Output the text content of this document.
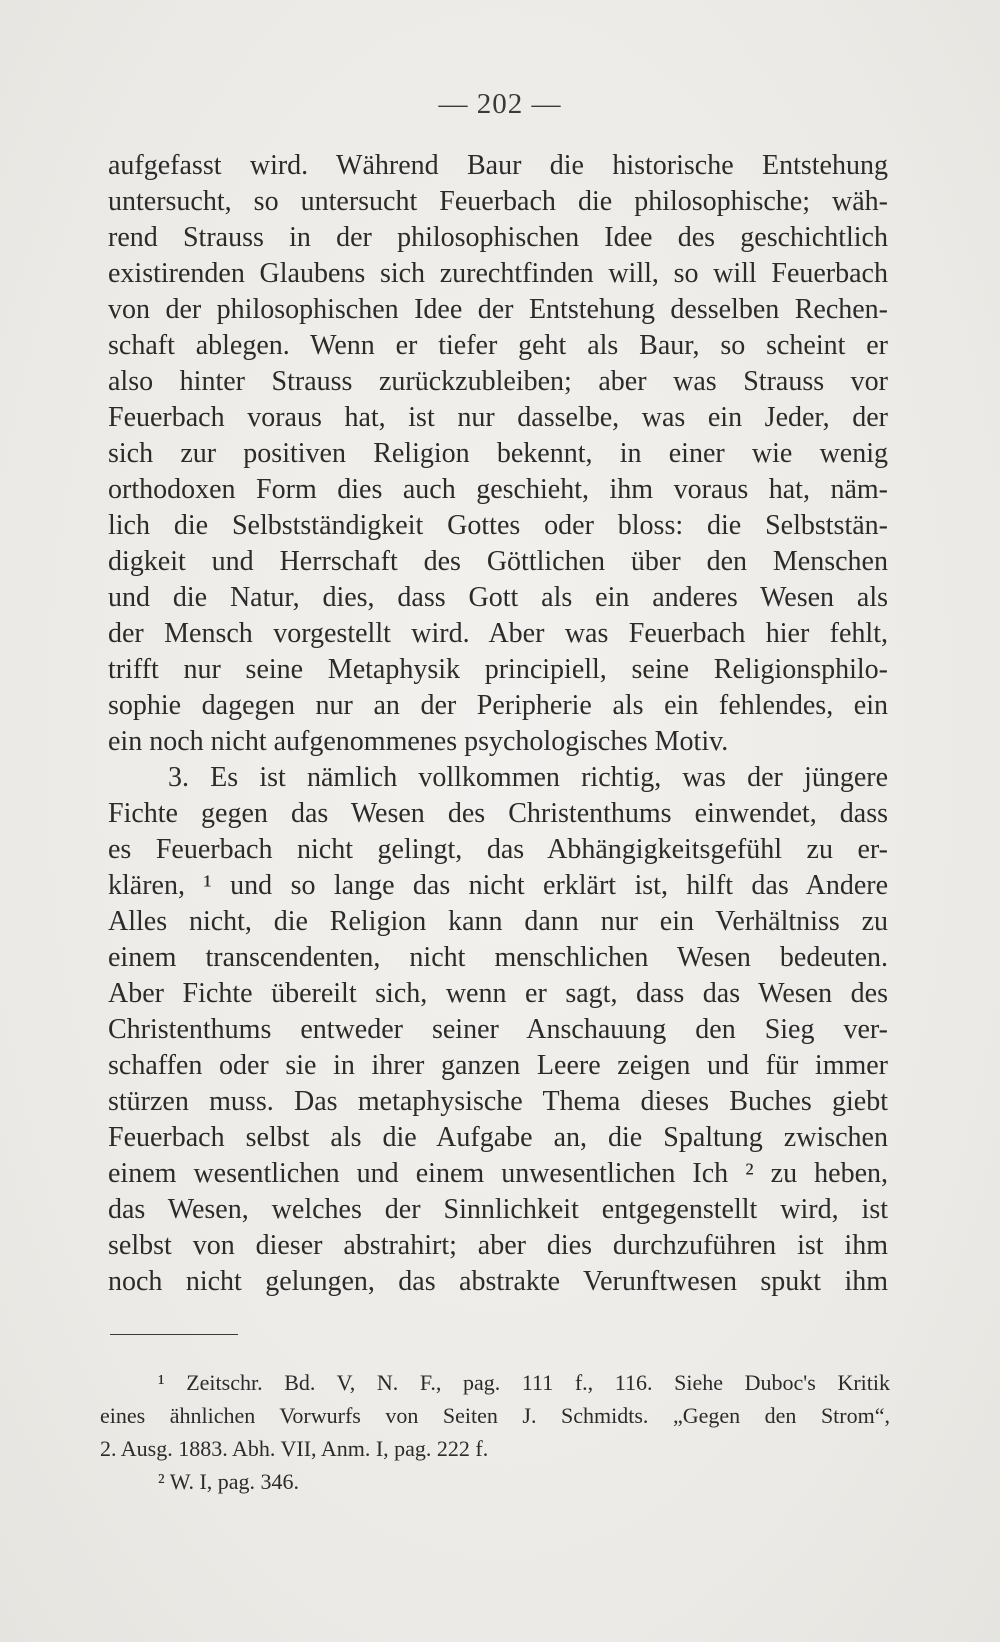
— 202 —
aufgefasst wird. Während Baur die historische Entstehung
untersucht, so untersucht Feuerbach die philosophische; wäh-
rend Strauss in der philosophischen Idee des geschichtlich
existirenden Glaubens sich zurechtfinden will, so will Feuerbach
von der philosophischen Idee der Entstehung desselben Rechen-
schaft ablegen. Wenn er tiefer geht als Baur, so scheint er
also hinter Strauss zurückzubleiben; aber was Strauss vor
Feuerbach voraus hat, ist nur dasselbe, was ein Jeder, der
sich zur positiven Religion bekennt, in einer wie wenig
orthodoxen Form dies auch geschieht, ihm voraus hat, näm-
lich die Selbstständigkeit Gottes oder bloss: die Selbststän-
digkeit und Herrschaft des Göttlichen über den Menschen
und die Natur, dies, dass Gott als ein anderes Wesen als
der Mensch vorgestellt wird. Aber was Feuerbach hier fehlt,
trifft nur seine Metaphysik principiell, seine Religionsphilo-
sophie dagegen nur an der Peripherie als ein fehlendes, ein
ein noch nicht aufgenommenes psychologisches Motiv.
3. Es ist nämlich vollkommen richtig, was der jüngere
Fichte gegen das Wesen des Christenthums einwendet, dass
es Feuerbach nicht gelingt, das Abhängigkeitsgefühl zu er-
klären, ¹ und so lange das nicht erklärt ist, hilft das Andere
Alles nicht, die Religion kann dann nur ein Verhältniss zu
einem transcendenten, nicht menschlichen Wesen bedeuten.
Aber Fichte übereilt sich, wenn er sagt, dass das Wesen des
Christenthums entweder seiner Anschauung den Sieg ver-
schaffen oder sie in ihrer ganzen Leere zeigen und für immer
stürzen muss. Das metaphysische Thema dieses Buches giebt
Feuerbach selbst als die Aufgabe an, die Spaltung zwischen
einem wesentlichen und einem unwesentlichen Ich ² zu heben,
das Wesen, welches der Sinnlichkeit entgegenstellt wird, ist
selbst von dieser abstrahirt; aber dies durchzuführen ist ihm
noch nicht gelungen, das abstrakte Verunftwesen spukt ihm
¹ Zeitschr. Bd. V, N. F., pag. 111 f., 116. Siehe Duboc's Kritik
eines ähnlichen Vorwurfs von Seiten J. Schmidts. „Gegen den Strom“,
2. Ausg. 1883. Abh. VII, Anm. I, pag. 222 f.
² W. I, pag. 346.
